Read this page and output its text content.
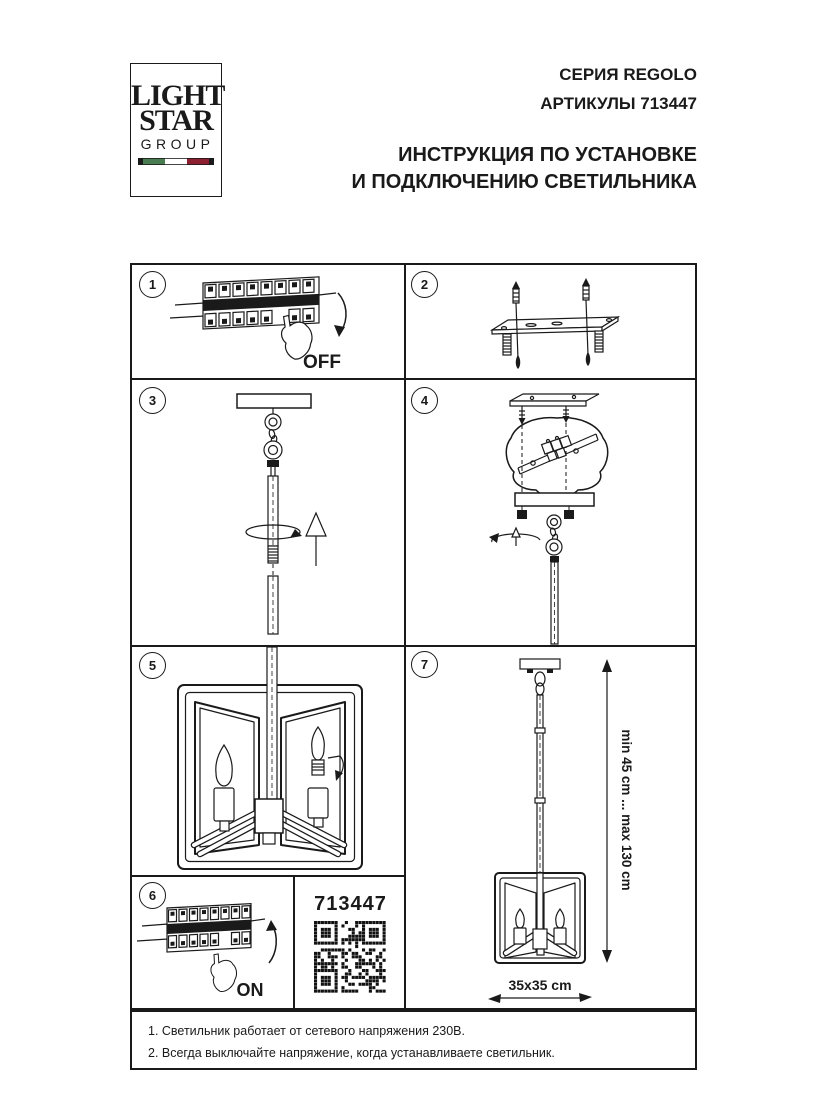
LIGHT
STAR
GROUP
СЕРИЯ REGOLO
АРТИКУЛЫ 713447
ИНСТРУКЦИЯ ПО УСТАНОВКЕ
И ПОДКЛЮЧЕНИЮ СВЕТИЛЬНИКА
1
OFF
2
3	4
5
6
ON
713447
7
min 45 cm ... max 130 cm
35x35 cm
1. Светильник работает от сетевого напряжения 230В.
2. Всегда выключайте напряжение, когда устанавливаете светильник.
